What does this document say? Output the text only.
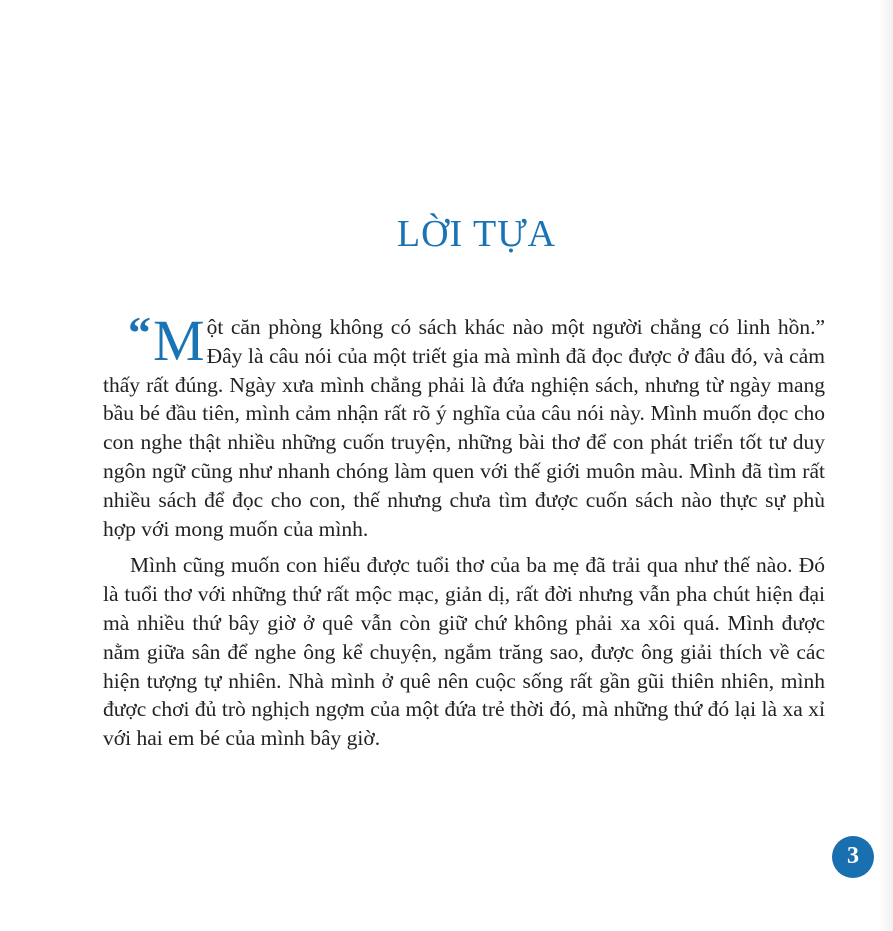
LỜI TỰA

“ M ột căn phòng không có sách khác nào một người chẳng có linh hồn.” Đây là câu nói của một triết gia mà mình đã đọc được ở đâu đó, và cảm thấy rất đúng. Ngày xưa mình chẳng phải là đứa nghiện sách, nhưng từ ngày mang bầu bé đầu tiên, mình cảm nhận rất rõ ý nghĩa của câu nói này. Mình muốn đọc cho con nghe thật nhiều những cuốn truyện, những bài thơ để con phát triển tốt tư duy ngôn ngữ cũng như nhanh chóng làm quen với thế giới muôn màu. Mình đã tìm rất nhiều sách để đọc cho con, thế nhưng chưa tìm được cuốn sách nào thực sự phù hợp với mong muốn của mình.

Mình cũng muốn con hiểu được tuổi thơ của ba mẹ đã trải qua như thế nào. Đó là tuổi thơ với những thứ rất mộc mạc, giản dị, rất đời nhưng vẫn pha chút hiện đại mà nhiều thứ bây giờ ở quê vẫn còn giữ chứ không phải xa xôi quá. Mình được nằm giữa sân để nghe ông kể chuyện, ngắm trăng sao, được ông giải thích về các hiện tượng tự nhiên. Nhà mình ở quê nên cuộc sống rất gần gũi thiên nhiên, mình được chơi đủ trò nghịch ngợm của một đứa trẻ thời đó, mà những thứ đó lại là xa xỉ với hai em bé của mình bây giờ.

3
